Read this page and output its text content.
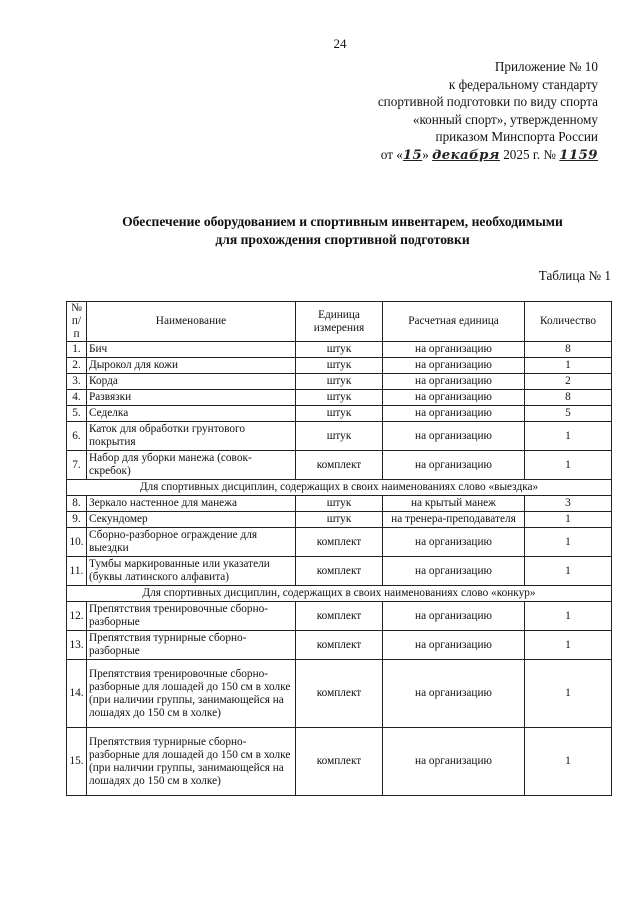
24
Приложение № 10
к федеральному стандарту
спортивной подготовки по виду спорта
«конный спорт», утвержденному
приказом Минспорта России
от «15» декабря 2025 г. № 1159
Обеспечение оборудованием и спортивным инвентарем, необходимыми
для прохождения спортивной подготовки
Таблица № 1
№ п/п	Наименование	Единица измерения	Расчетная единица	Количество
1.	Бич	штук	на организацию	8
2.	Дырокол для кожи	штук	на организацию	1
3.	Корда	штук	на организацию	2
4.	Развязки	штук	на организацию	8
5.	Седелка	штук	на организацию	5
6.	Каток для обработки грунтового покрытия	штук	на организацию	1
7.	Набор для уборки манежа (совок-скребок)	комплект	на организацию	1
Для спортивных дисциплин, содержащих в своих наименованиях слово «выездка»				
8.	Зеркало настенное для манежа	штук	на крытый манеж	3
9.	Секундомер	штук	на тренера-преподавателя	1
10.	Сборно-разборное ограждение для выездки	комплект	на организацию	1
11.	Тумбы маркированные или указатели (буквы латинского алфавита)	комплект	на организацию	1
Для спортивных дисциплин, содержащих в своих наименованиях слово «конкур»				
12.	Препятствия тренировочные сборно-разборные	комплект	на организацию	1
13.	Препятствия турнирные сборно-разборные	комплект	на организацию	1
14.	Препятствия тренировочные сборно-разборные для лошадей до 150 см в холке (при наличии группы, занимающейся на лошадях до 150 см в холке)	комплект	на организацию	1
15.	Препятствия турнирные сборно-разборные для лошадей до 150 см в холке (при наличии группы, занимающейся на лошадях до 150 см в холке)	комплект	на организацию	1
